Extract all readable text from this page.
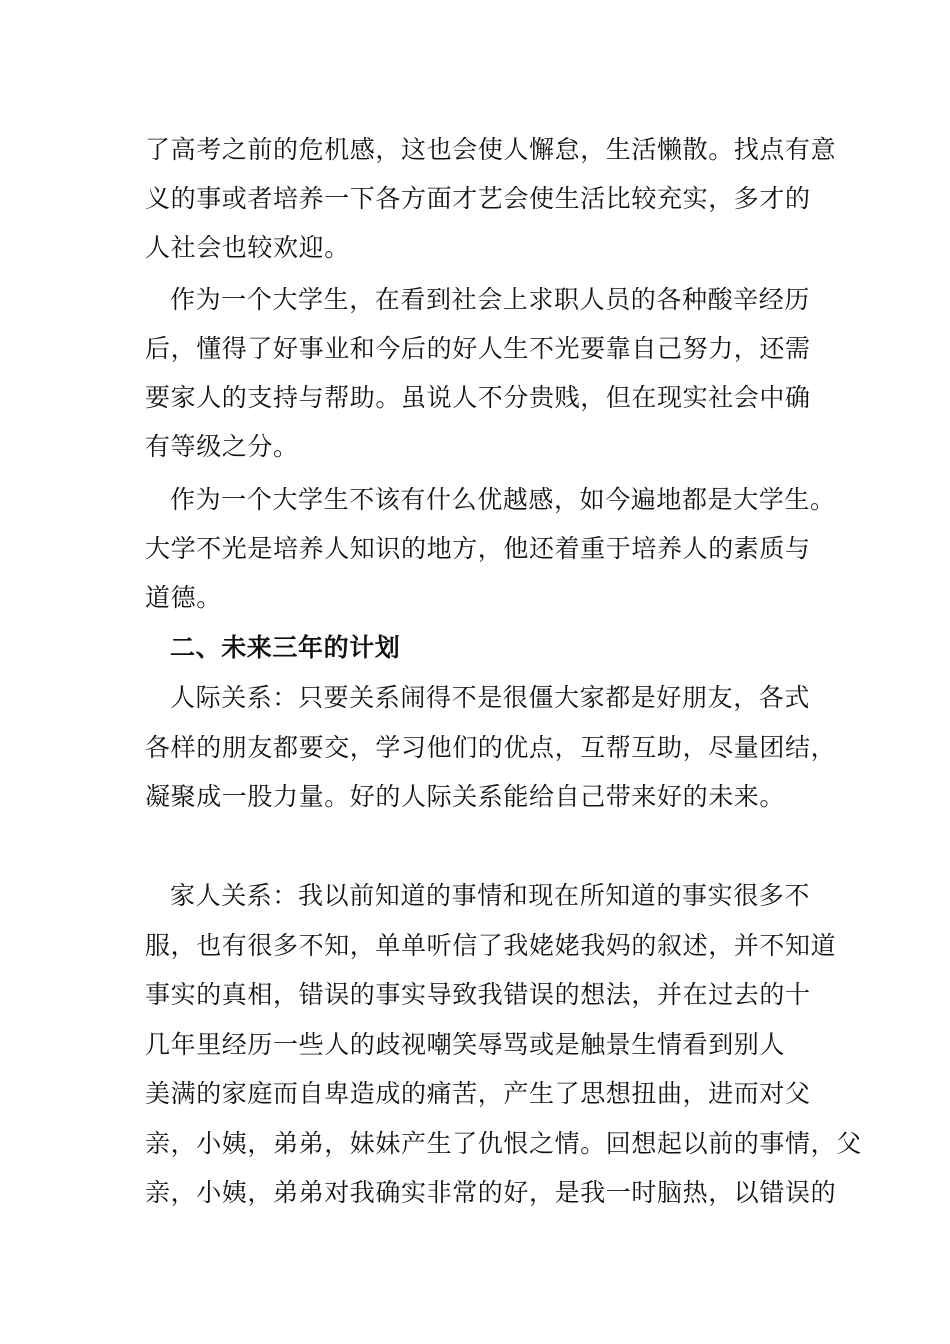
了高考之前的危机感，这也会使人懈怠，生活懒散。找点有意

义的事或者培养一下各方面才艺会使生活比较充实，多才的

人社会也较欢迎。

作为一个大学生，在看到社会上求职人员的各种酸辛经历

后，懂得了好事业和今后的好人生不光要靠自己努力，还需

要家人的支持与帮助。虽说人不分贵贱，但在现实社会中确

有等级之分。

作为一个大学生不该有什么优越感，如今遍地都是大学生。

大学不光是培养人知识的地方，他还着重于培养人的素质与

道德。

二、未来三年的计划

人际关系：只要关系闹得不是很僵大家都是好朋友，各式

各样的朋友都要交，学习他们的优点，互帮互助，尽量团结，

凝聚成一股力量。好的人际关系能给自己带来好的未来。

家人关系：我以前知道的事情和现在所知道的事实很多不

服，也有很多不知，单单听信了我姥姥我妈的叙述，并不知道

事实的真相，错误的事实导致我错误的想法，并在过去的十

几年里经历一些人的歧视嘲笑辱骂或是触景生情看到别人

美满的家庭而自卑造成的痛苦，产生了思想扭曲，进而对父

亲，小姨，弟弟，妹妹产生了仇恨之情。回想起以前的事情，父

亲，小姨，弟弟对我确实非常的好，是我一时脑热，以错误的
